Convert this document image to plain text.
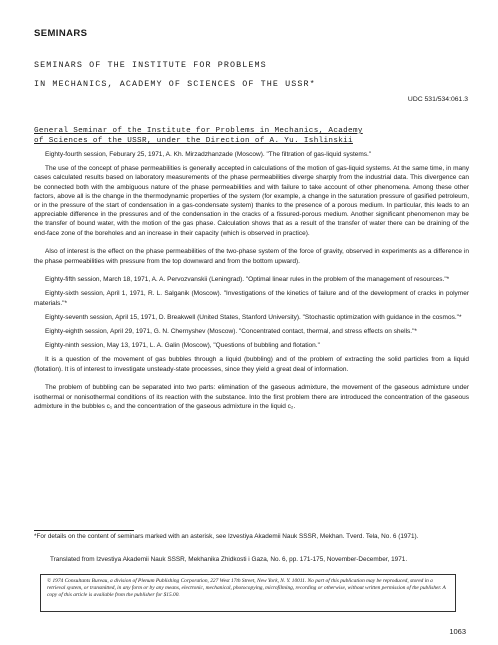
SEMINARS
SEMINARS OF THE INSTITUTE FOR PROBLEMS
IN MECHANICS, ACADEMY OF SCIENCES OF THE USSR*
UDC 531/534:061.3
General Seminar of the Institute for Problems in Mechanics, Academy
of Sciences of the USSR, under the Direction of A. Yu. Ishlinskii

Eighty-fourth session, Feburary 25, 1971, A. Kh. Mirzadzhanzade (Moscow). "The filtration of gas-liquid systems."

The use of the concept of phase permeabilities is generally accepted in calculations of the motion of gas-liquid systems. At the same time, in many cases calculated results based on laboratory measurements of the phase permeabilities diverge sharply from the industrial data. This divergence can be connected both with the ambiguous nature of the phase permeabilities and with failure to take account of other phenomena. Among these other factors, above all is the change in the thermodynamic properties of the system (for example, a change in the saturation pressure of gasified petroleum, or in the pressure of the start of condensation in a gas-condensate system) thanks to the presence of a porous medium. In particular, this leads to an appreciable difference in the pressures and of the condensation in the cracks of a fissured-porous medium. Another significant phenomenon may be the transfer of bound water, with the motion of the gas phase. Calculation shows that as a result of the transfer of water there can be draining of the end-face zone of the boreholes and an increase in their capacity (which is observed in practice).

Also of interest is the effect on the phase permeabilities of the two-phase system of the force of gravity, observed in experiments as a difference in the phase permeabilities with pressure from the top downward and from the bottom upward).

Eighty-fifth session, March 18, 1971, A. A. Pervozvanskii (Leningrad). "Optimal linear rules in the problem of the management of resources."*

Eighty-sixth session, April 1, 1971, R. L. Salganik (Moscow). "Investigations of the kinetics of failure and of the development of cracks in polymer materials."*

Eighty-seventh session, April 15, 1971, D. Breakwell (United States, Stanford University). "Stochastic optimization with guidance in the cosmos."*

Eighty-eighth session, April 29, 1971, G. N. Chernyshev (Moscow). "Concentrated contact, thermal, and stress effects on shells."*

Eighty-ninth session, May 13, 1971, L. A. Galin (Moscow), "Questions of bubbling and flotation."

It is a question of the movement of gas bubbles through a liquid (bubbling) and of the problem of extracting the solid particles from a liquid (flotation). It is of interest to investigate unsteady-state processes, since they yield a great deal of information.

The problem of bubbling can be separated into two parts: elimination of the gaseous admixture, the movement of the gaseous admixture under isothermal or nonisothermal conditions of its reaction with the substance. Into the first problem there are introduced the concentration of the gaseous admixture in the bubbles c₁ and the concentration of the gaseous admixture in the liquid c₂.

*For details on the content of seminars marked with an asterisk, see Izvestiya Akademii Nauk SSSR, Mekhan. Tverd. Tela, No. 6 (1971).
Translated from Izvestiya Akademii Nauk SSSR, Mekhanika Zhidkosti i Gaza, No. 6, pp. 171-175, November-December, 1971.
© 1974 Consultants Bureau, a division of Plenum Publishing Corporation, 227 West 17th Street, New York, N. Y. 10011. No part of this publication may be reproduced, stored in a retrieval system, or transmitted, in any form or by any means, electronic, mechanical, photocopying, microfilming, recording or otherwise, without written permission of the publisher. A copy of this article is available from the publisher for $15.00.
1063
